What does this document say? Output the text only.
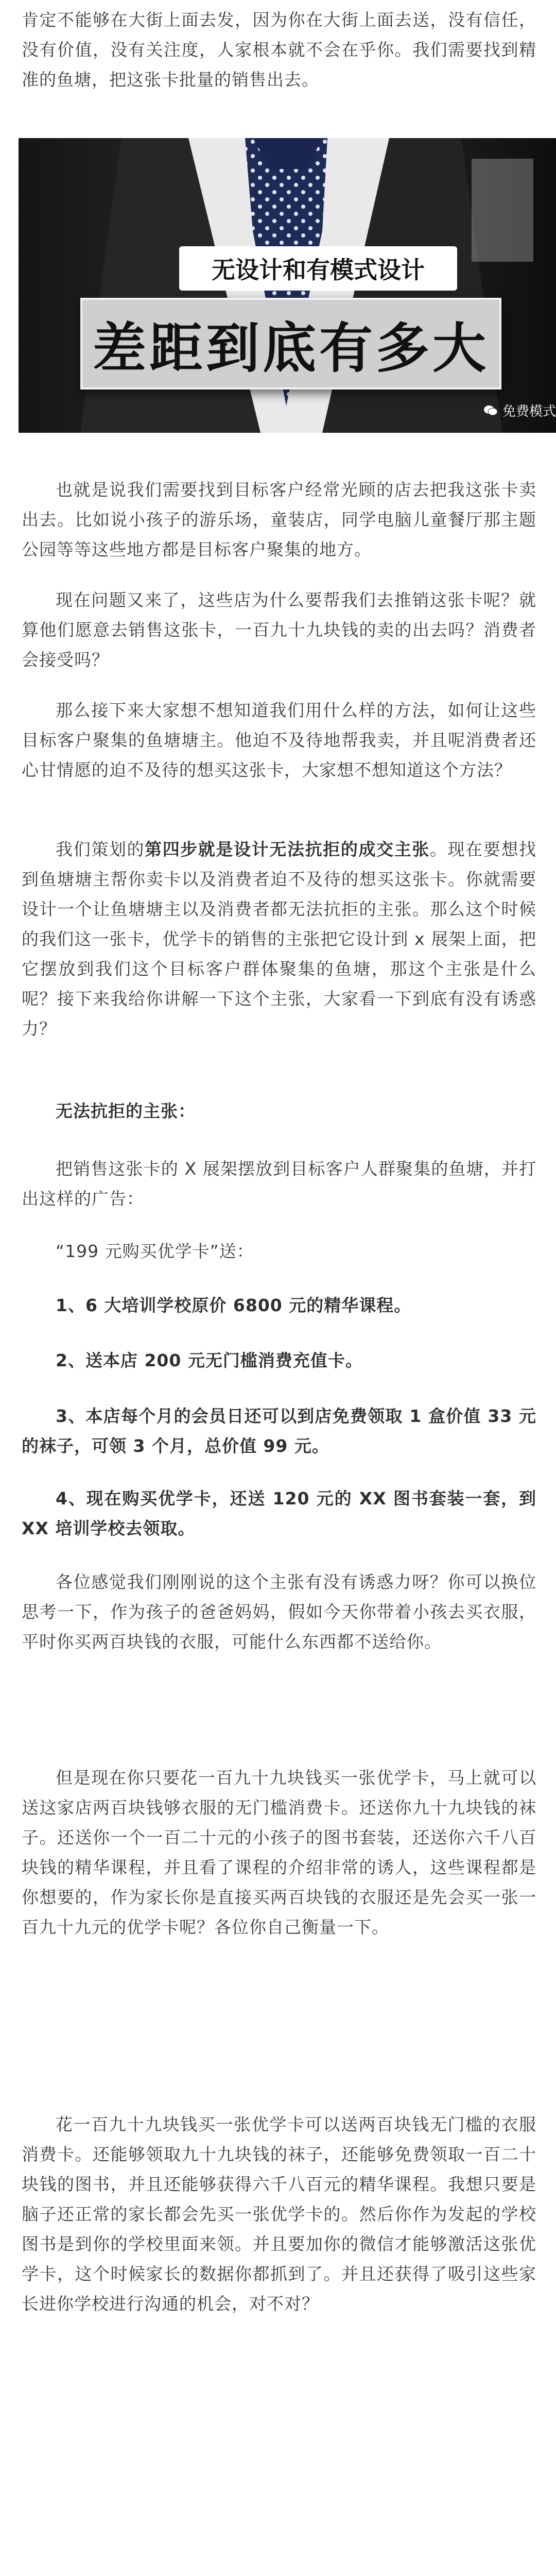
肯定不能够在大街上面去发，因为你在大街上面去送，没有信任，没有价值，没有关注度，人家根本就不会在乎你。我们需要找到精准的鱼塘，把这张卡批量的销售出去。

无设计和有模式设计
差距到底有多大
免费模式

也就是说我们需要找到目标客户经常光顾的店去把我这张卡卖出去。比如说小孩子的游乐场，童装店，同学电脑儿童餐厅那主题公园等等这些地方都是目标客户聚集的地方。

现在问题又来了，这些店为什么要帮我们去推销这张卡呢？就算他们愿意去销售这张卡，一百九十九块钱的卖的出去吗？消费者会接受吗？

那么接下来大家想不想知道我们用什么样的方法，如何让这些目标客户聚集的鱼塘塘主。他迫不及待地帮我卖，并且呢消费者还心甘情愿的迫不及待的想买这张卡，大家想不想知道这个方法？

我们策划的第四步就是设计无法抗拒的成交主张。现在要想找到鱼塘塘主帮你卖卡以及消费者迫不及待的想买这张卡。你就需要设计一个让鱼塘塘主以及消费者都无法抗拒的主张。那么这个时候的我们这一张卡，优学卡的销售的主张把它设计到 x 展架上面，把它摆放到我们这个目标客户群体聚集的鱼塘，那这个主张是什么呢？接下来我给你讲解一下这个主张，大家看一下到底有没有诱惑力？

无法抗拒的主张：

把销售这张卡的 X 展架摆放到目标客户人群聚集的鱼塘，并打出这样的广告：

“199 元购买优学卡”送：

1、6 大培训学校原价 6800 元的精华课程。

2、送本店 200 元无门槛消费充值卡。

3、本店每个月的会员日还可以到店免费领取 1 盒价值 33 元的袜子，可领 3 个月，总价值 99 元。

4、现在购买优学卡，还送 120 元的 XX 图书套装一套，到 XX 培训学校去领取。

各位感觉我们刚刚说的这个主张有没有诱惑力呀？你可以换位思考一下，作为孩子的爸爸妈妈，假如今天你带着小孩去买衣服，平时你买两百块钱的衣服，可能什么东西都不送给你。

但是现在你只要花一百九十九块钱买一张优学卡，马上就可以送这家店两百块钱够衣服的无门槛消费卡。还送你九十九块钱的袜子。还送你一个一百二十元的小孩子的图书套装，还送你六千八百块钱的精华课程，并且看了课程的介绍非常的诱人，这些课程都是你想要的，作为家长你是直接买两百块钱的衣服还是先会买一张一百九十九元的优学卡呢？各位你自己衡量一下。

花一百九十九块钱买一张优学卡可以送两百块钱无门槛的衣服消费卡。还能够领取九十九块钱的袜子，还能够免费领取一百二十块钱的图书，并且还能够获得六千八百元的精华课程。我想只要是脑子还正常的家长都会先买一张优学卡的。然后你作为发起的学校图书是到你的学校里面来领。并且要加你的微信才能够激活这张优学卡，这个时候家长的数据你都抓到了。并且还获得了吸引这些家长进你学校进行沟通的机会，对不对？
